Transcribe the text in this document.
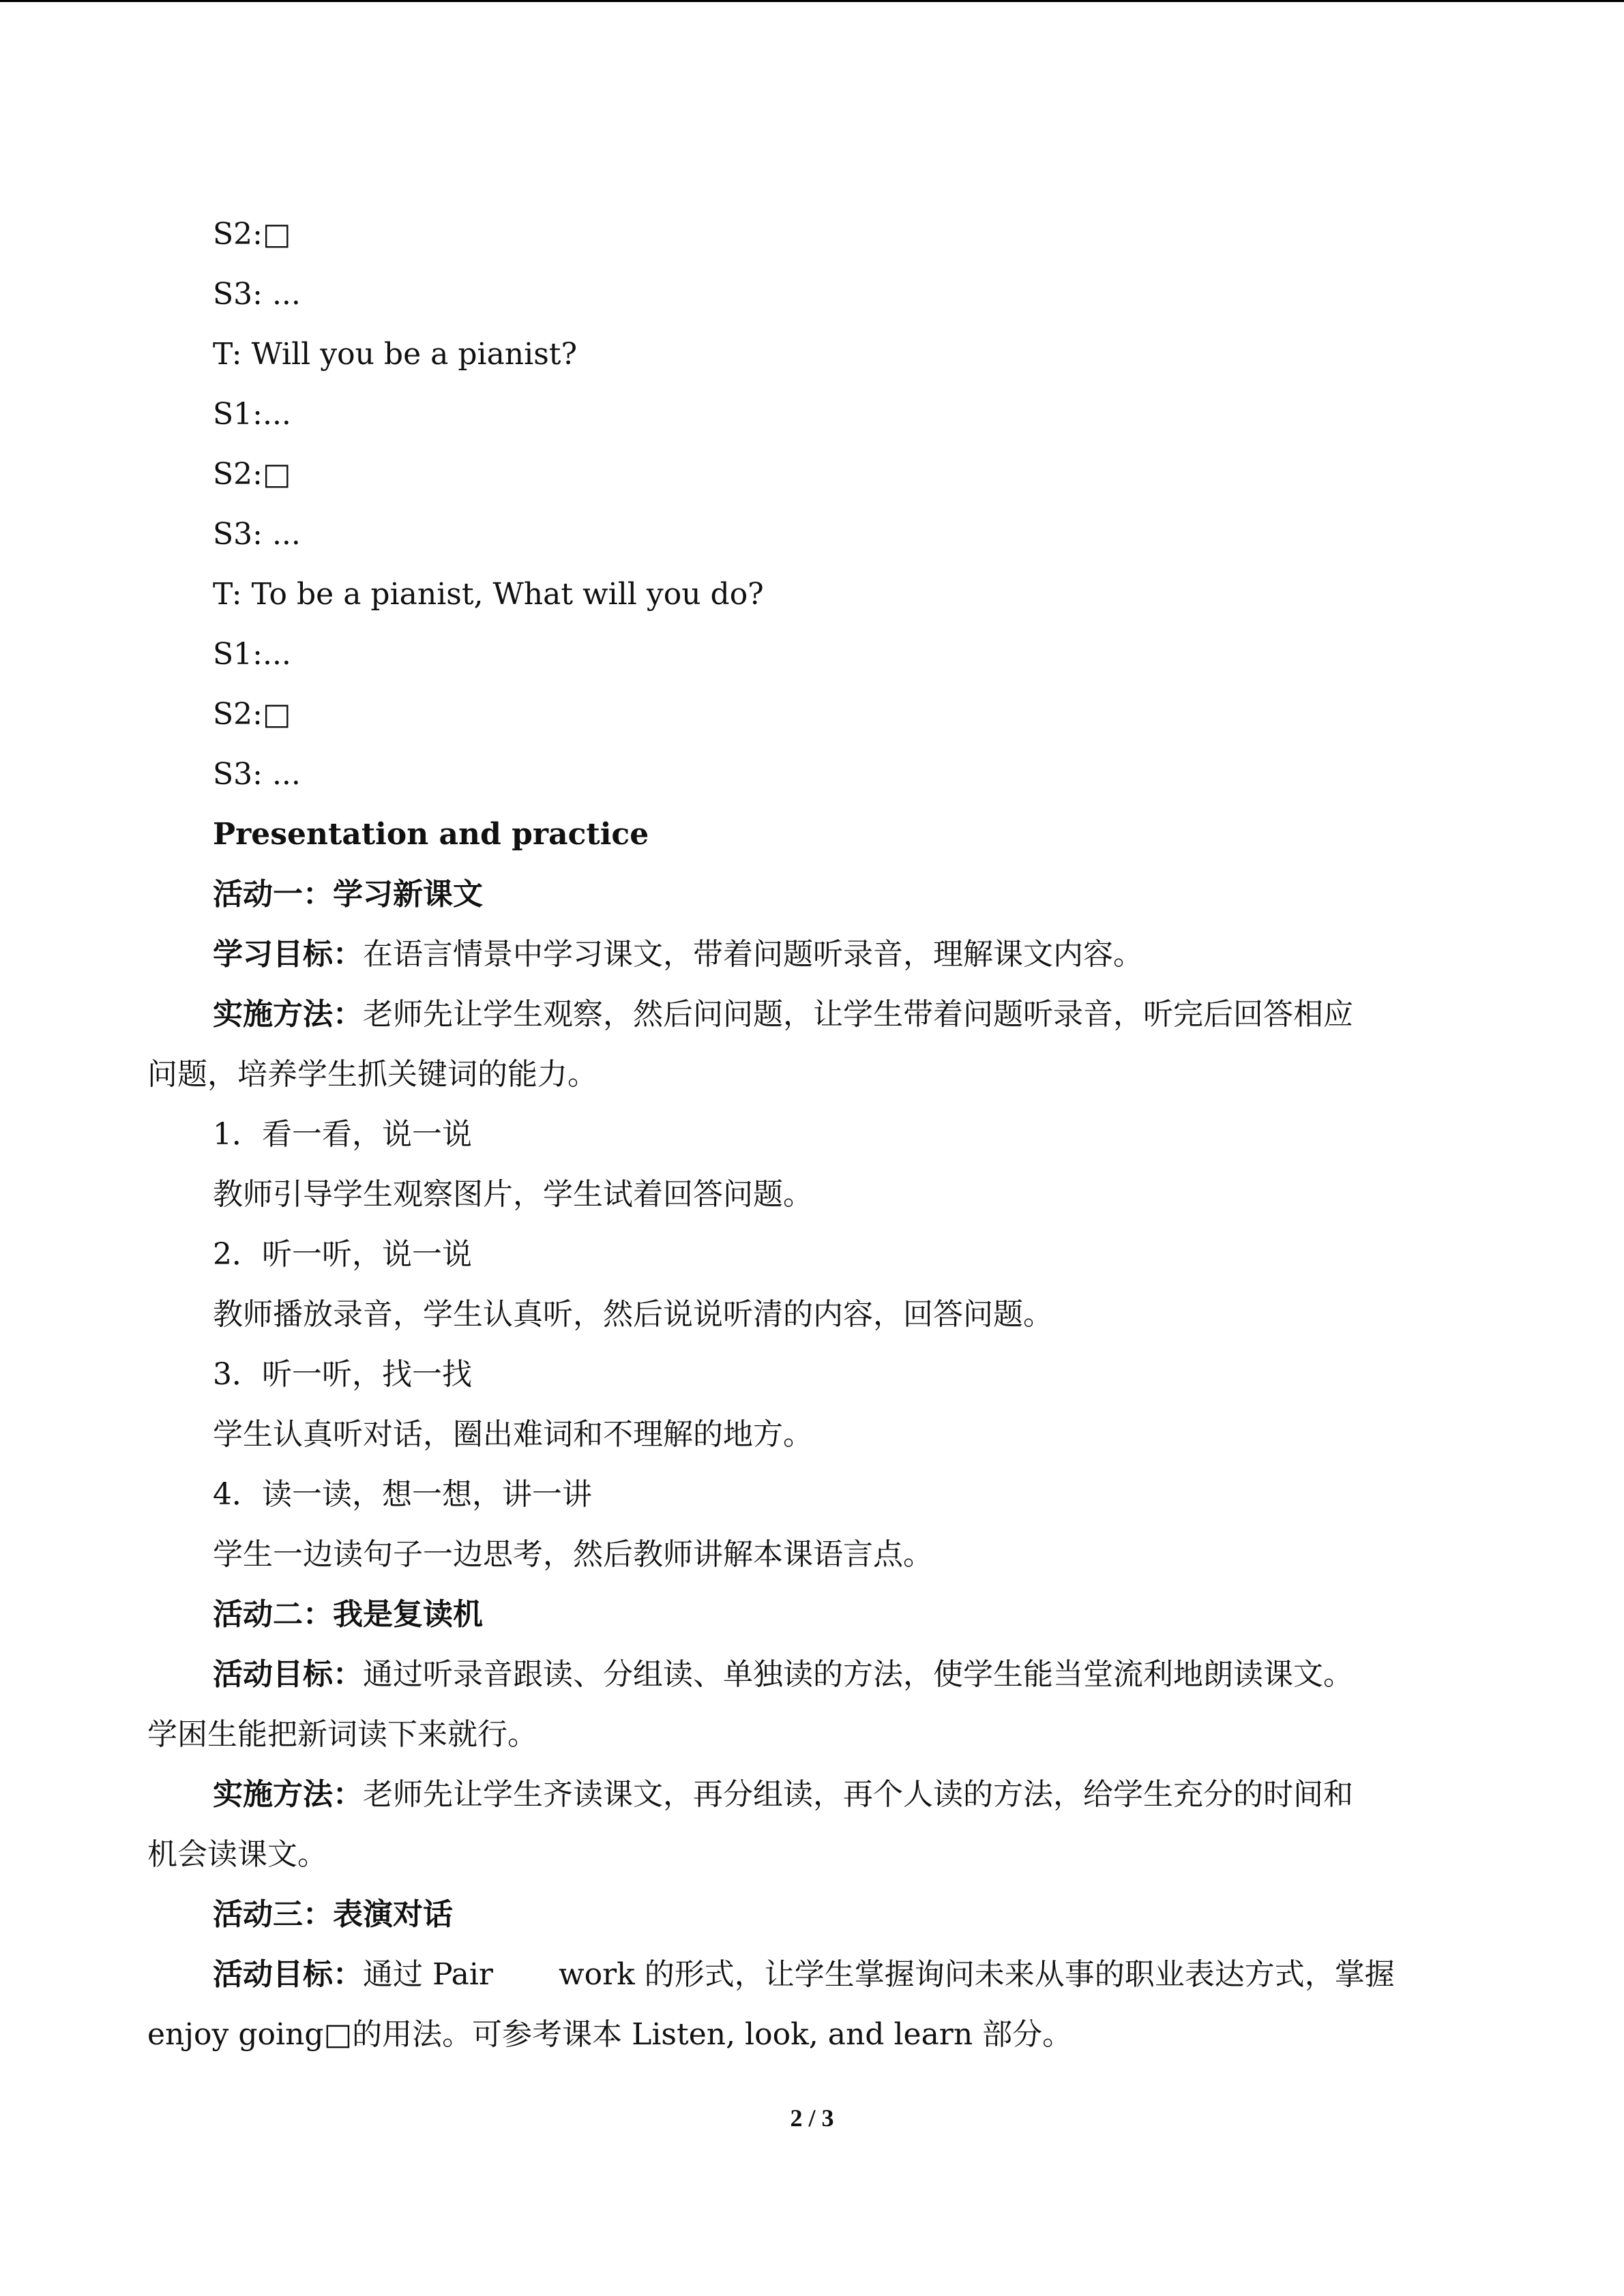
S2:□
S3: ...
T: Will you be a pianist?
S1:...
S2:□
S3: ...
T: To be a pianist, What will you do?
S1:...
S2:□
S3: ...
Presentation and practice
活动一：学习新课文
学习目标：在语言情景中学习课文，带着问题听录音，理解课文内容。
实施方法：老师先让学生观察，然后问问题，让学生带着问题听录音，听完后回答相应
问题，培养学生抓关键词的能力。
1．看一看，说一说
教师引导学生观察图片，学生试着回答问题。
2．听一听，说一说
教师播放录音，学生认真听，然后说说听清的内容，回答问题。
3．听一听，找一找
学生认真听对话，圈出难词和不理解的地方。
4．读一读，想一想，讲一讲
学生一边读句子一边思考，然后教师讲解本课语言点。
活动二：我是复读机
活动目标：通过听录音跟读、分组读、单独读的方法，使学生能当堂流利地朗读课文。
学困生能把新词读下来就行。
实施方法：老师先让学生齐读课文，再分组读，再个人读的方法，给学生充分的时间和
机会读课文。
活动三：表演对话
活动目标：通过 Pair work 的形式，让学生掌握询问未来从事的职业表达方式，掌握
enjoy going□的用法。可参考课本 Listen, look, and learn 部分。
2 / 3
